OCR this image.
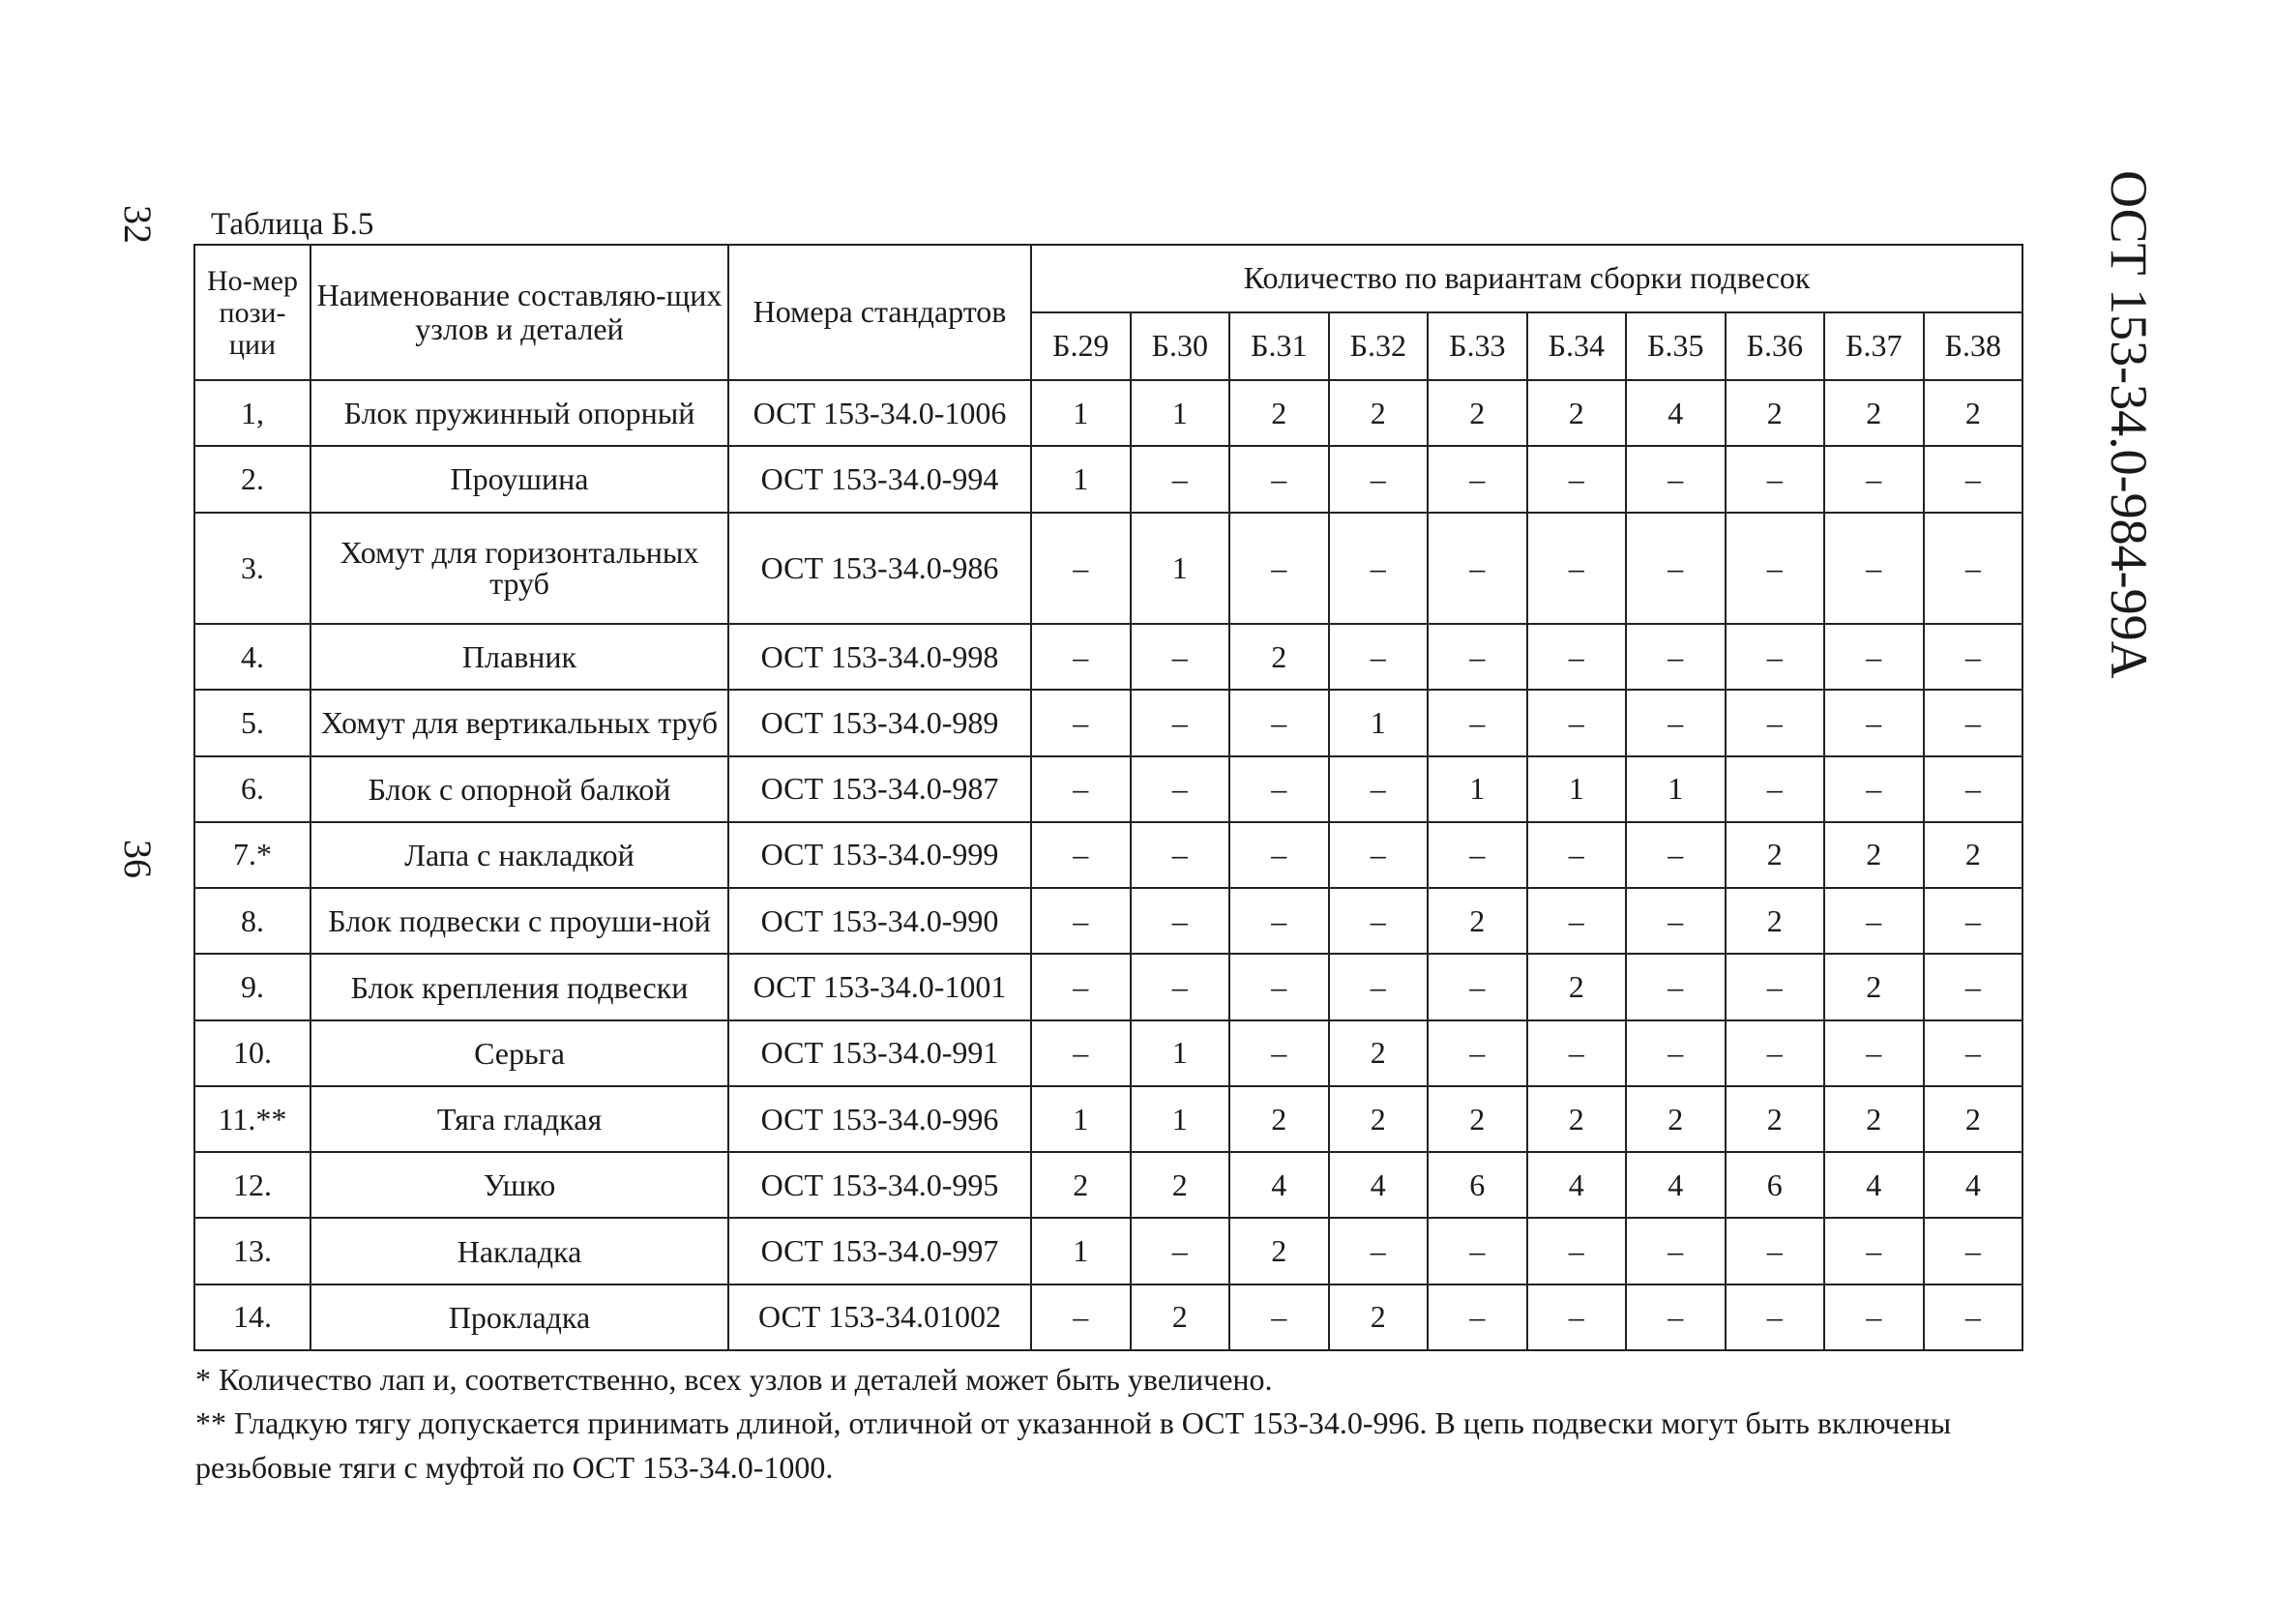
32
36
ОСТ 153-34.0-984-99А
Таблица Б.5
Но-мер пози-ции	Наименование составляю-щих узлов и деталей	Номера стандартов	Количество по вариантам сборки подвесок									
			Б.29	Б.30	Б.31	Б.32	Б.33	Б.34	Б.35	Б.36	Б.37	Б.38
1,	Блок пружинный опорный	ОСТ 153-34.0-1006	1	1	2	2	2	2	4	2	2	2
2.	Проушина	ОСТ 153-34.0-994	1	–	–	–	–	–	–	–	–	–
3.	Хомут для горизонтальных труб	ОСТ 153-34.0-986	–	1	–	–	–	–	–	–	–	–
4.	Плавник	ОСТ 153-34.0-998	–	–	2	–	–	–	–	–	–	–
5.	Хомут для вертикальных труб	ОСТ 153-34.0-989	–	–	–	1	–	–	–	–	–	–
6.	Блок с опорной балкой	ОСТ 153-34.0-987	–	–	–	–	1	1	1	–	–	–
7.*	Лапа с накладкой	ОСТ 153-34.0-999	–	–	–	–	–	–	–	2	2	2
8.	Блок подвески с проуши-ной	ОСТ 153-34.0-990	–	–	–	–	2	–	–	2	–	–
9.	Блок крепления подвески	ОСТ 153-34.0-1001	–	–	–	–	–	2	–	–	2	–
10.	Серьга	ОСТ 153-34.0-991	–	1	–	2	–	–	–	–	–	–
11.**	Тяга гладкая	ОСТ 153-34.0-996	1	1	2	2	2	2	2	2	2	2
12.	Ушко	ОСТ 153-34.0-995	2	2	4	4	6	4	4	6	4	4
13.	Накладка	ОСТ 153-34.0-997	1	–	2	–	–	–	–	–	–	–
14.	Прокладка	ОСТ 153-34.01002	–	2	–	2	–	–	–	–	–	–

* Количество лап и, соответственно, всех узлов и деталей может быть увеличено.

** Гладкую тягу допускается принимать длиной, отличной от указанной в ОСТ 153-34.0-996. В цепь подвески могут быть включены резьбовые тяги с муфтой по ОСТ 153-34.0-1000.
